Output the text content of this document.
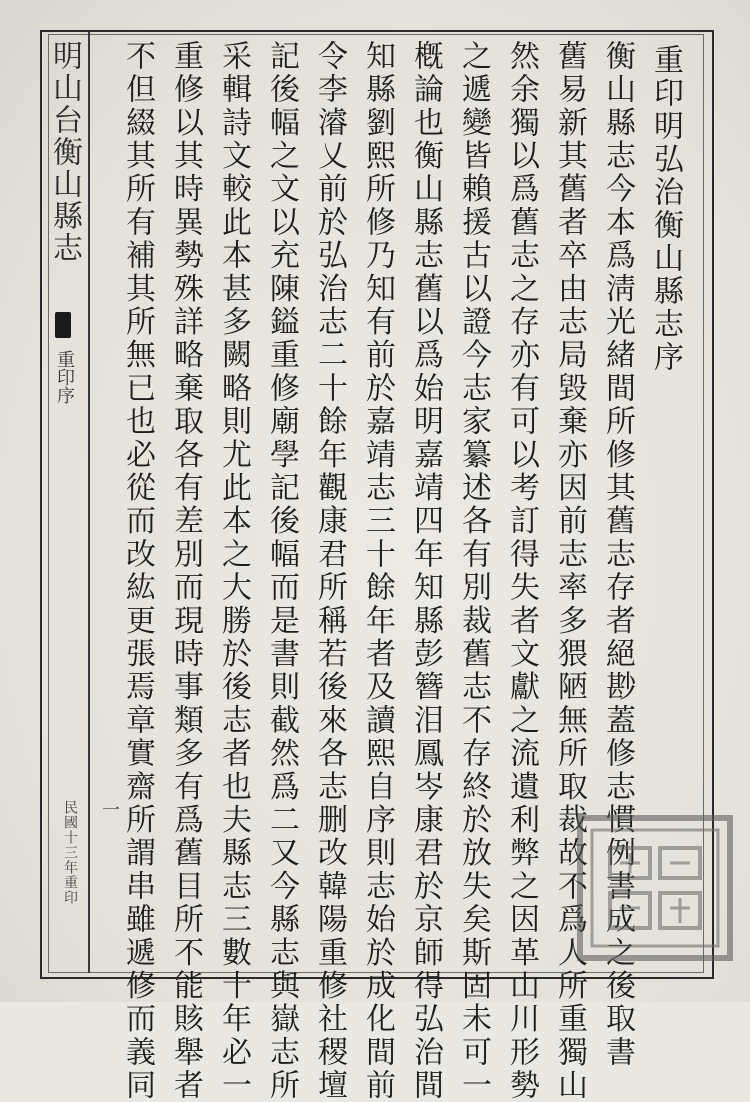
明山台衡山縣志
重印序
民國十三年重印
重印明弘治衡山縣志序
衡山縣志今本爲淸光緒間所修其舊志存者絕尠蓋修志慣例書成之後取書
舊易新其舊者卒由志局毀棄亦因前志率多猥陋無所取裁故不爲人所重獨山
然余獨以爲舊志之存亦有可以考訂得失者文獻之流遺利弊之因革山川形勢
之遞變皆賴援古以證今志家纂述各有別裁舊志不存終於放失矣斯固未可一
槪論也衡山縣志舊以爲始明嘉靖四年知縣彭簪泪鳳岑康君於京師得弘治間
知縣劉熙所修乃知有前於嘉靖志三十餘年者及讀熙自序則志始於成化間前
令李濬乂前於弘治志二十餘年觀康君所稱若後來各志删改韓陽重修社稷壇
記後幅之文以充陳鎰重修廟學記後幅而是書則截然爲二又今縣志與嶽志所
采輯詩文較此本甚多闕略則尤此本之大勝於後志者也夫縣志三數十年必一
重修以其時異勢殊詳略棄取各有差別而現時事類多有爲舊目所不能賅舉者
不但綴其所有補其所無已也必從而改紘更張焉章實齋所謂串雖遞修而義同
一
